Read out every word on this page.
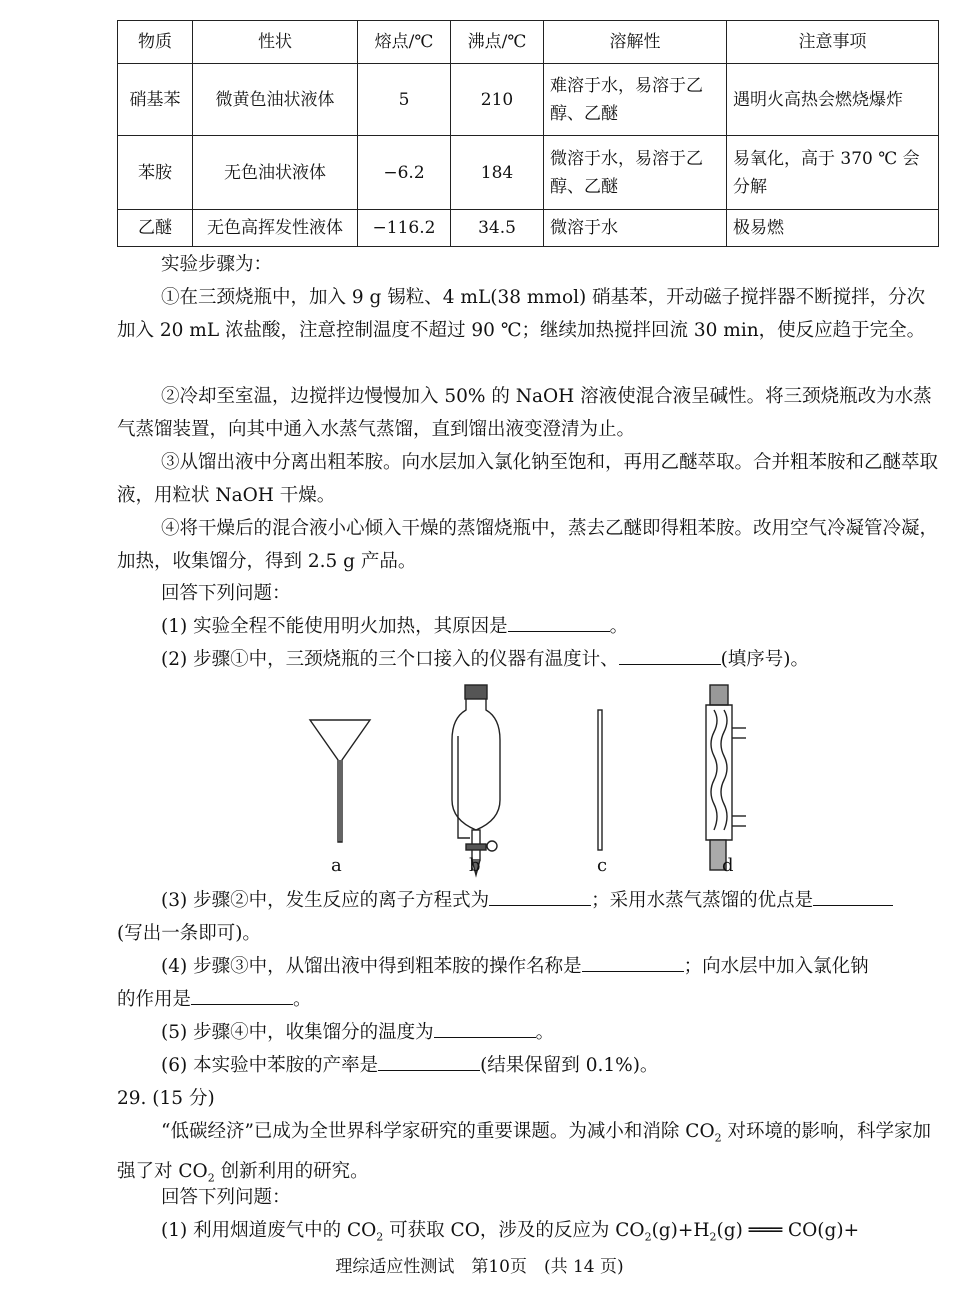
物质	性状	熔点/℃	沸点/℃	溶解性	注意事项
硝基苯	微黄色油状液体	5	210	难溶于水，易溶于乙醇、乙醚	遇明火高热会燃烧爆炸
苯胺	无色油状液体	−6.2	184	微溶于水，易溶于乙醇、乙醚	易氧化，高于 370 ℃ 会分解
乙醚	无色高挥发性液体	−116.2	34.5	微溶于水	极易燃
实验步骤为：
①在三颈烧瓶中，加入 9 g 锡粒、4 mL(38 mmol) 硝基苯，开动磁子搅拌器不断搅拌，分次加入 20 mL 浓盐酸，注意控制温度不超过 90 ℃；继续加热搅拌回流 30 min，使反应趋于完全。
②冷却至室温，边搅拌边慢慢加入 50% 的 NaOH 溶液使混合液呈碱性。将三颈烧瓶改为水蒸气蒸馏装置，向其中通入水蒸气蒸馏，直到馏出液变澄清为止。
③从馏出液中分离出粗苯胺。向水层加入氯化钠至饱和，再用乙醚萃取。合并粗苯胺和乙醚萃取液，用粒状 NaOH 干燥。
④将干燥后的混合液小心倾入干燥的蒸馏烧瓶中，蒸去乙醚即得粗苯胺。改用空气冷凝管冷凝，加热，收集馏分，得到 2.5 g 产品。
回答下列问题：
(1) 实验全程不能使用明火加热，其原因是	。
(2) 步骤①中，三颈烧瓶的三个口接入的仪器有温度计、	(填序号)。
a	b	c	d
(3) 步骤②中，发生反应的离子方程式为	；采用水蒸气蒸馏的优点是
(写出一条即可)。
(4) 步骤③中，从馏出液中得到粗苯胺的操作名称是	；向水层中加入氯化钠
的作用是	。
(5) 步骤④中，收集馏分的温度为	。
(6) 本实验中苯胺的产率是	(结果保留到 0.1%)。
29. (15 分)
“低碳经济”已成为全世界科学家研究的重要课题。为减小和消除 $CO_2$ 对环境的影响，科学家加强了对 $CO_2$ 创新利用的研究。
回答下列问题：
(1) 利用烟道废气中的 $CO_2$ 可获取 CO，涉及的反应为 $CO_2(g)+H_2(g)$ ═══ CO(g)+
理综适应性测试　第10页　(共 14 页)
